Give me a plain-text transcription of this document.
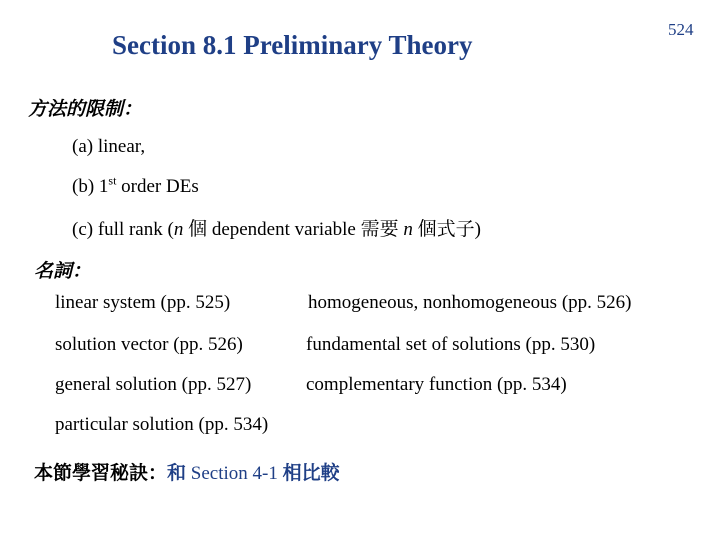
Section 8.1 Preliminary Theory
524
方法的限制：
(a) linear,
(b) 1st order DEs
(c) full rank (n 個 dependent variable 需要 n 個式子)
名詞：
linear system (pp. 525)
solution vector (pp. 526)
general solution (pp. 527)
particular solution (pp. 534)
homogeneous, nonhomogeneous (pp. 526)
fundamental set of solutions (pp. 530)
complementary function (pp. 534)
本節學習秘訣：和 Section 4-1 相比較
